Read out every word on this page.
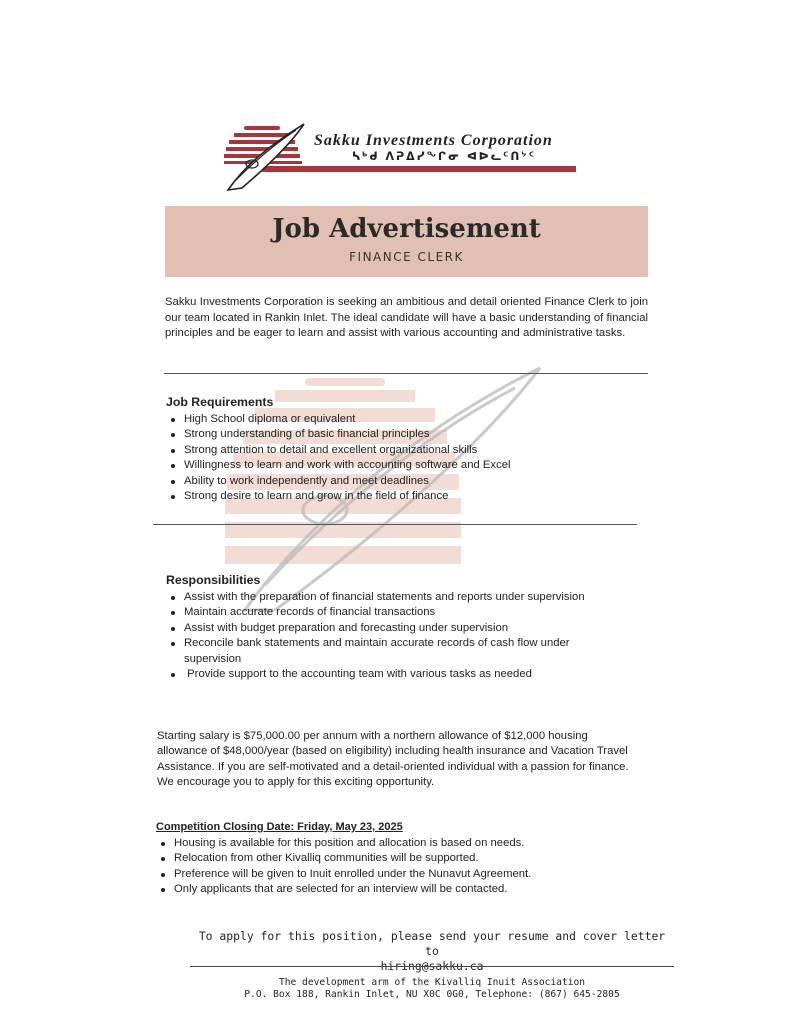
Sakku Investments Corporation
ᓴᒃᑯ ᐱᕈᐃᓯᖕᒋᓂ ᐊᐅᓚᑦᑎᔾᑦ
Job Advertisement
FINANCE CLERK
Sakku Investments Corporation is seeking an ambitious and detail oriented Finance Clerk to join our team located in Rankin Inlet. The ideal candidate will have a basic understanding of financial principles and be eager to learn and assist with various accounting and administrative tasks.
Job Requirements
High School diploma or equivalent
Strong understanding of basic financial principles
Strong attention to detail and excellent organizational skills
Willingness to learn and work with accounting software and Excel
Ability to work independently and meet deadlines
Strong desire to learn and grow in the field of finance
Responsibilities
Assist with the preparation of financial statements and reports under supervision
Maintain accurate records of financial transactions
Assist with budget preparation and forecasting under supervision
Reconcile bank statements and maintain accurate records of cash flow under supervision
Provide support to the accounting team with various tasks as needed
Starting salary is $75,000.00 per annum with a northern allowance of $12,000 housing allowance of $48,000/year (based on eligibility) including health insurance and Vacation Travel Assistance. If you are self-motivated and a detail-oriented individual with a passion for finance. We encourage you to apply for this exciting opportunity.
Competition Closing Date: Friday, May 23, 2025
Housing is available for this position and allocation is based on needs.
Relocation from other Kivalliq communities will be supported.
Preference will be given to Inuit enrolled under the Nunavut Agreement.
Only applicants that are selected for an interview will be contacted.
To apply for this position, please send your resume and cover letter to
hiring@sakku.ca
The development arm of the Kivalliq Inuit Association
P.O. Box 188, Rankin Inlet, NU X0C 0G0, Telephone: (867) 645-2805
